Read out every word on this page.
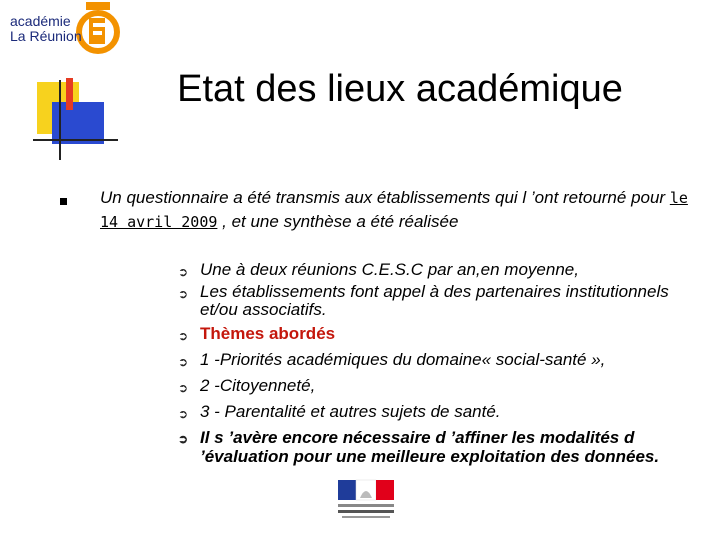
académie
La Réunion
Etat des lieux académique
Un questionnaire a été transmis aux établissements qui l ’ont retourné pour le 14 avril 2009 , et une synthèse a été réalisée
➲ Une à deux réunions C.E.S.C par an,en moyenne,
➲ Les établissements font appel à des partenaires institutionnels et/ou associatifs.
➲ Thèmes abordés
➲ 1 -Priorités académiques du domaine« social-santé »,
➲ 2 -Citoyenneté,
➲ 3 - Parentalité et autres sujets de santé.
➲ Il s ’avère encore nécessaire d ’affiner les modalités d ’évaluation pour une meilleure exploitation des données.
